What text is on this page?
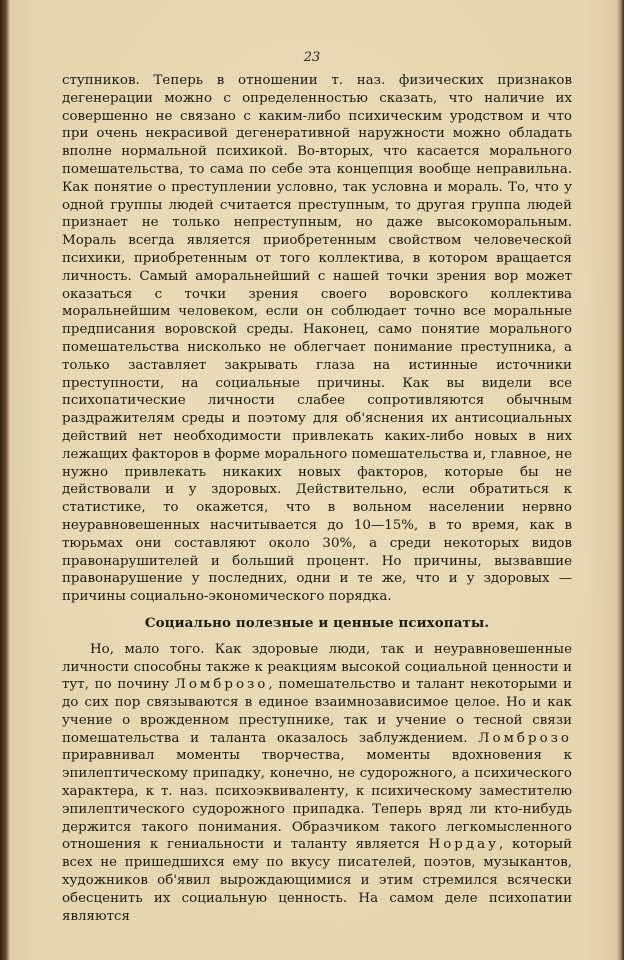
23

ступников. Теперь в отношении т. наз. физических признаков дегенерации можно с определенностью сказать, что наличие их совершенно не связано с каким-либо психическим уродством и что при очень некрасивой дегенеративной наружности можно обладать вполне нормальной психикой. Во-вторых, что касается морального помешательства, то сама по себе эта концепция вообще неправильна. Как понятие о преступлении условно, так условна и мораль. То, что у одной группы людей считается преступным, то другая группа людей признает не только непреступным, но даже высокоморальным. Мораль всегда является приобретенным свойством человеческой психики, приобретенным от того коллектива, в котором вращается личность. Самый аморальнейший с нашей точки зрения вор может оказаться с точки зрения своего воровского коллектива моральнейшим человеком, если он соблюдает точно все моральные предписания воровской среды. Наконец, само понятие морального помешательства нисколько не облегчает понимание преступника, а только заставляет закрывать глаза на истинные источники преступности, на социальные причины. Как вы видели все психопатические личности слабее сопротивляются обычным раздражителям среды и поэтому для об'яснения их антисоциальных действий нет необходимости привлекать каких-либо новых в них лежащих факторов в форме морального помешательства и, главное, не нужно привлекать никаких новых факторов, которые бы не действовали и у здоровых. Действительно, если обратиться к статистике, то окажется, что в вольном населении нервно неуравновешенных насчитывается до 10—15%, в то время, как в тюрьмах они составляют около 30%, а среди некоторых видов правонарушителей и больший процент. Но причины, вызвавшие правонарушение у последних, одни и те же, что и у здоровых — причины социально-экономического порядка.

Социально полезные и ценные психопаты.

Но, мало того. Как здоровые люди, так и неуравновешенные личности способны также к реакциям высокой социальной ценности и тут, по почину Ломброзо, помешательство и талант некоторыми и до сих пор связываются в единое взаимнозависимое целое. Но и как учение о врожденном преступнике, так и учение о тесной связи помешательства и таланта оказалось заблуждением. Ломброзо приравнивал моменты творчества, моменты вдохновения к эпилептическому припадку, конечно, не судорожного, а психического характера, к т. наз. психоэквиваленту, к психическому заместителю эпилептического судорожного припадка. Теперь вряд ли кто-нибудь держится такого понимания. Образчиком такого легкомысленного отношения к гениальности и таланту является Нордау, который всех не пришедшихся ему по вкусу писателей, поэтов, музыкантов, художников об'явил вырождающимися и этим стремился всячески обесценить их социальную ценность. На самом деле психопатии являются
